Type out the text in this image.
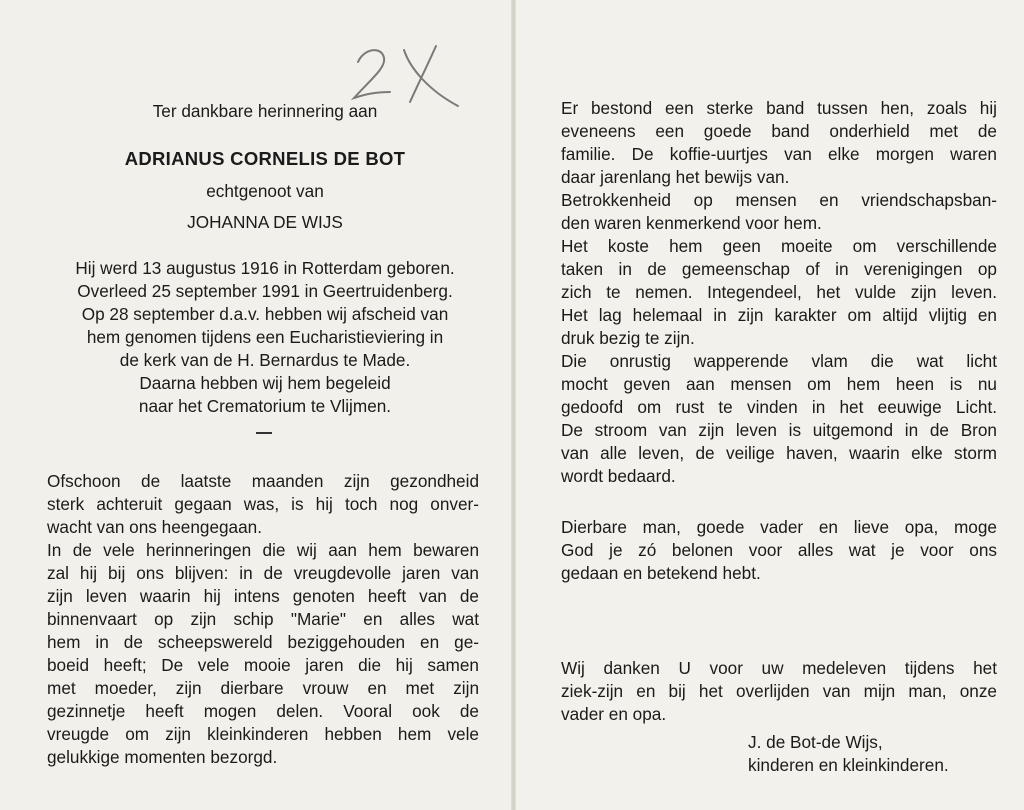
Ter dankbare herinnering aan
ADRIANUS CORNELIS DE BOT
echtgenoot van
JOHANNA DE WIJS
Hij werd 13 augustus 1916 in Rotterdam geboren.
Overleed 25 september 1991 in Geertruidenberg.
Op 28 september d.a.v. hebben wij afscheid van
hem genomen tijdens een Eucharistieviering in
de kerk van de H. Bernardus te Made.
Daarna hebben wij hem begeleid
naar het Crematorium te Vlijmen.
Ofschoon de laatste maanden zijn gezondheid
sterk achteruit gegaan was, is hij toch nog onver-
wacht van ons heengegaan.
In de vele herinneringen die wij aan hem bewaren
zal hij bij ons blijven: in de vreugdevolle jaren van
zijn leven waarin hij intens genoten heeft van de
binnenvaart op zijn schip "Marie" en alles wat
hem in de scheepswereld beziggehouden en ge-
boeid heeft; De vele mooie jaren die hij samen
met moeder, zijn dierbare vrouw en met zijn
gezinnetje heeft mogen delen. Vooral ook de
vreugde om zijn kleinkinderen hebben hem vele
gelukkige momenten bezorgd.
Er bestond een sterke band tussen hen, zoals hij
eveneens een goede band onderhield met de
familie. De koffie-uurtjes van elke morgen waren
daar jarenlang het bewijs van.
Betrokkenheid op mensen en vriendschapsban-
den waren kenmerkend voor hem.
Het koste hem geen moeite om verschillende
taken in de gemeenschap of in verenigingen op
zich te nemen. Integendeel, het vulde zijn leven.
Het lag helemaal in zijn karakter om altijd vlijtig en
druk bezig te zijn.
Die onrustig wapperende vlam die wat licht
mocht geven aan mensen om hem heen is nu
gedoofd om rust te vinden in het eeuwige Licht.
De stroom van zijn leven is uitgemond in de Bron
van alle leven, de veilige haven, waarin elke storm
wordt bedaard.
Dierbare man, goede vader en lieve opa, moge
God je zó belonen voor alles wat je voor ons
gedaan en betekend hebt.
Wij danken U voor uw medeleven tijdens het
ziek-zijn en bij het overlijden van mijn man, onze
vader en opa.
J. de Bot-de Wijs,
kinderen en kleinkinderen.
